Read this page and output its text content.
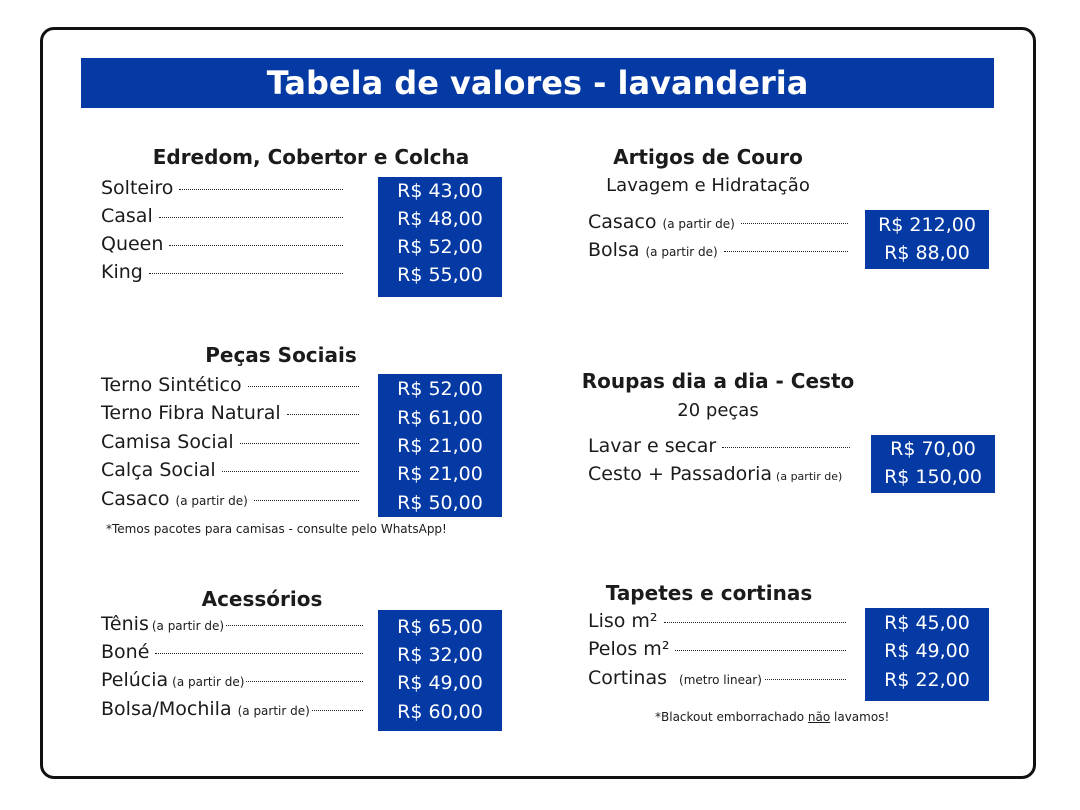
Tabela de valores - lavanderia
Edredom, Cobertor e Colcha
Solteiro	R$ 43,00
Casal	R$ 48,00
Queen	R$ 52,00
King	R$ 55,00
Artigos de Couro
Lavagem e Hidratação
Casaco (a partir de)	R$ 212,00
Bolsa (a partir de)	R$ 88,00
Peças Sociais
Terno Sintético	R$ 52,00
Terno Fibra Natural	R$ 61,00
Camisa Social	R$ 21,00
Calça Social	R$ 21,00
Casaco (a partir de)	R$ 50,00
*Temos pacotes para camisas - consulte pelo WhatsApp!
Roupas dia a dia - Cesto
20 peças
Lavar e secar	R$ 70,00
Cesto + Passadoria (a partir de)	R$ 150,00
Acessórios
Tênis (a partir de)	R$ 65,00
Boné	R$ 32,00
Pelúcia (a partir de)	R$ 49,00
Bolsa/Mochila (a partir de)	R$ 60,00
Tapetes e cortinas
Liso m²	R$ 45,00
Pelos m²	R$ 49,00
Cortinas (metro linear)	R$ 22,00
*Blackout emborrachado não lavamos!
